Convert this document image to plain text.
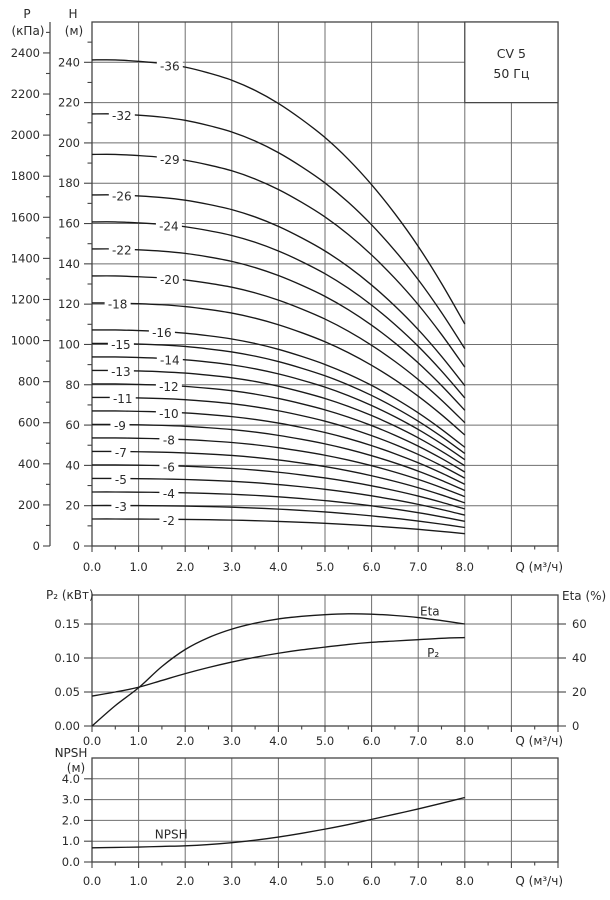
0
20
40
60
80
100
120
140
160
180
200
220
240
0
200
400
600
800
1000
1200
1400
1600
1800
2000
2200
2400
0.0 1.0 2.0 3.0 4.0 5.0 6.0 7.0 8.0	Q (м³/ч)
-36
-32
-29
-26
-24
-22
-20
-18
-16
-15
-14
-13
-12
-11
-10
-9
-8
-7
-6
-5
-4
-3
-2
CV 5
50 Гц
P
(кПа)
H
(м)
0.00
0.05
0.10
0.15
0
20
40
60
0.0 1.0 2.0 3.0 4.0 5.0 6.0 7.0 8.0	Q (м³/ч)
P₂
Eta
P₂ (кВт)	Eta (%)
0.0
1.0
2.0
3.0
4.0
0.0 1.0 2.0 3.0 4.0 5.0 6.0 7.0 8.0	Q (м³/ч)
NPSH
NPSH
(м)
